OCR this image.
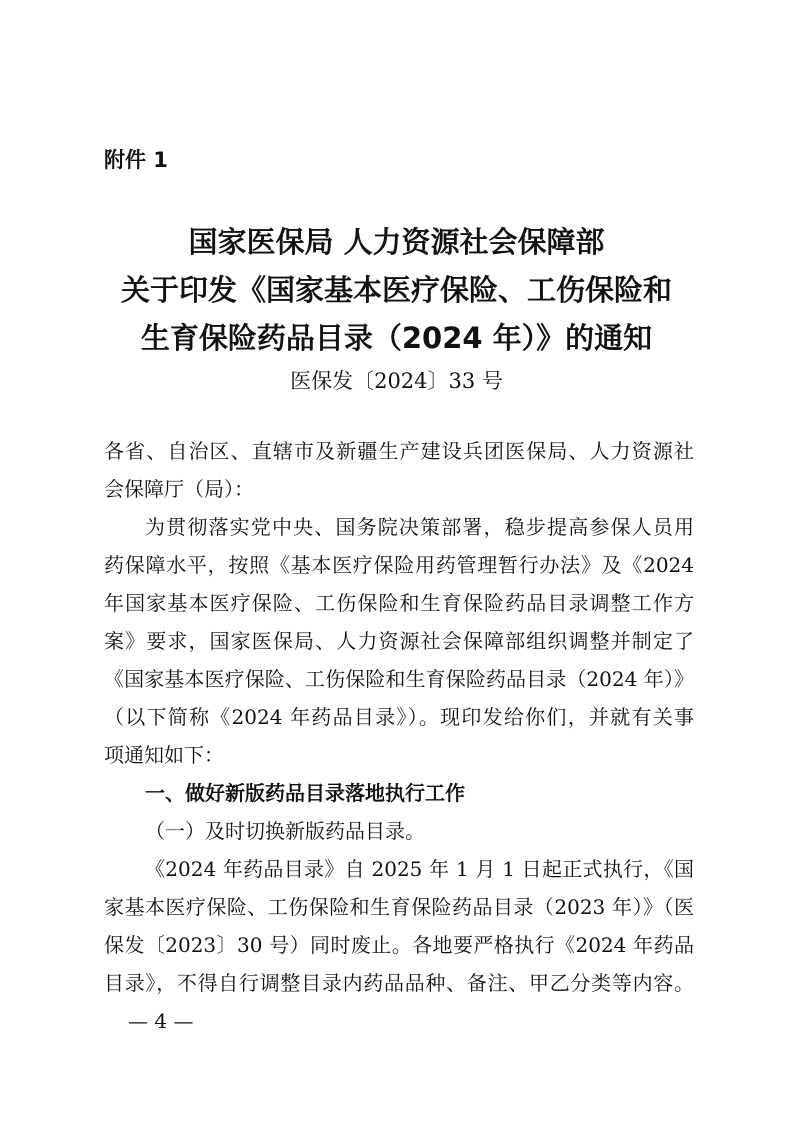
附件 1
国家医保局 人力资源社会保障部
关于印发《国家基本医疗保险、工伤保险和
生育保险药品目录（2024 年）》的通知
医保发〔2024〕33 号
各省、自治区、直辖市及新疆生产建设兵团医保局、人力资源社
会保障厅（局）：
为贯彻落实党中央、国务院决策部署，稳步提高参保人员用
药保障水平，按照《基本医疗保险用药管理暂行办法》及《2024
年国家基本医疗保险、工伤保险和生育保险药品目录调整工作方
案》要求，国家医保局、人力资源社会保障部组织调整并制定了
《国家基本医疗保险、工伤保险和生育保险药品目录（2024 年）》
（以下简称《2024 年药品目录》）。现印发给你们，并就有关事
项通知如下：
一、做好新版药品目录落地执行工作
（一）及时切换新版药品目录。
《2024 年药品目录》自 2025 年 1 月 1 日起正式执行，《国
家基本医疗保险、工伤保险和生育保险药品目录（2023 年）》（医
保发〔2023〕30 号）同时废止。各地要严格执行《2024 年药品
目录》，不得自行调整目录内药品品种、备注、甲乙分类等内容。
— 4 —
